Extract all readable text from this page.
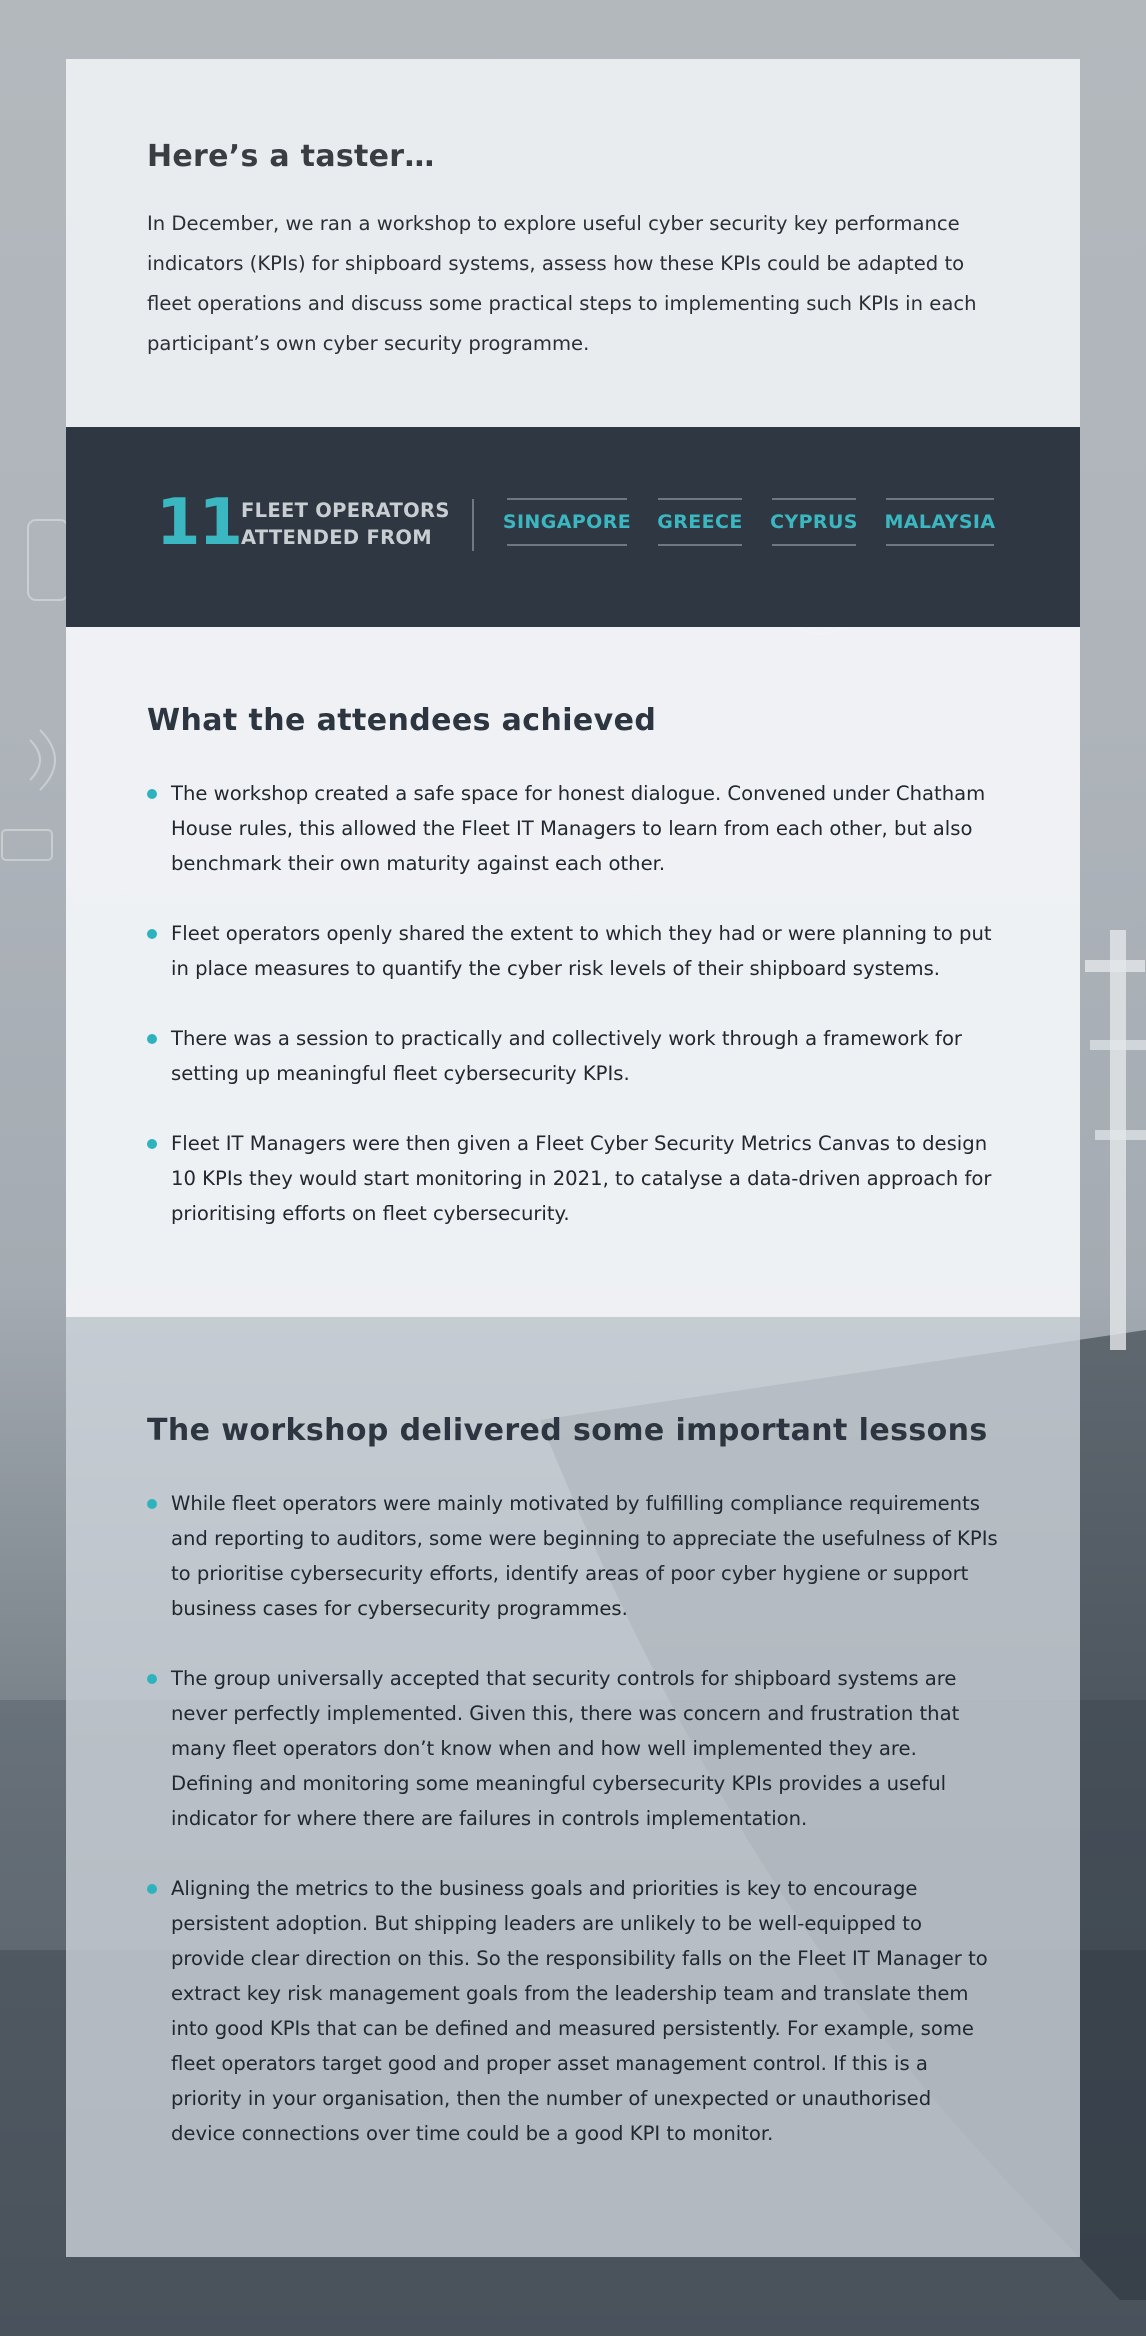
Here’s a taster…

In December, we ran a workshop to explore useful cyber security key performance indicators (KPIs) for shipboard systems, assess how these KPIs could be adapted to fleet operations and discuss some practical steps to implementing such KPIs in each participant’s own cyber security programme.

11 FLEET OPERATORS
ATTENDED FROM
SINGAPORE GREECE CYPRUS MALAYSIA
What the attendees achieved
The workshop created a safe space for honest dialogue. Convened under Chatham House rules, this allowed the Fleet IT Managers to learn from each other, but also benchmark their own maturity against each other.
Fleet operators openly shared the extent to which they had or were planning to put in place measures to quantify the cyber risk levels of their shipboard systems.
There was a session to practically and collectively work through a framework for setting up meaningful fleet cybersecurity KPIs.
Fleet IT Managers were then given a Fleet Cyber Security Metrics Canvas to design 10 KPIs they would start monitoring in 2021, to catalyse a data-driven approach for prioritising efforts on fleet cybersecurity.
The workshop delivered some important lessons
While fleet operators were mainly motivated by fulfilling compliance requirements and reporting to auditors, some were beginning to appreciate the usefulness of KPIs to prioritise cybersecurity efforts, identify areas of poor cyber hygiene or support business cases for cybersecurity programmes.
The group universally accepted that security controls for shipboard systems are never perfectly implemented. Given this, there was concern and frustration that many fleet operators don’t know when and how well implemented they are. Defining and monitoring some meaningful cybersecurity KPIs provides a useful indicator for where there are failures in controls implementation.
Aligning the metrics to the business goals and priorities is key to encourage persistent adoption. But shipping leaders are unlikely to be well-equipped to provide clear direction on this. So the responsibility falls on the Fleet IT Manager to extract key risk management goals from the leadership team and translate them into good KPIs that can be defined and measured persistently. For example, some fleet operators target good and proper asset management control. If this is a priority in your organisation, then the number of unexpected or unauthorised device connections over time could be a good KPI to monitor.
